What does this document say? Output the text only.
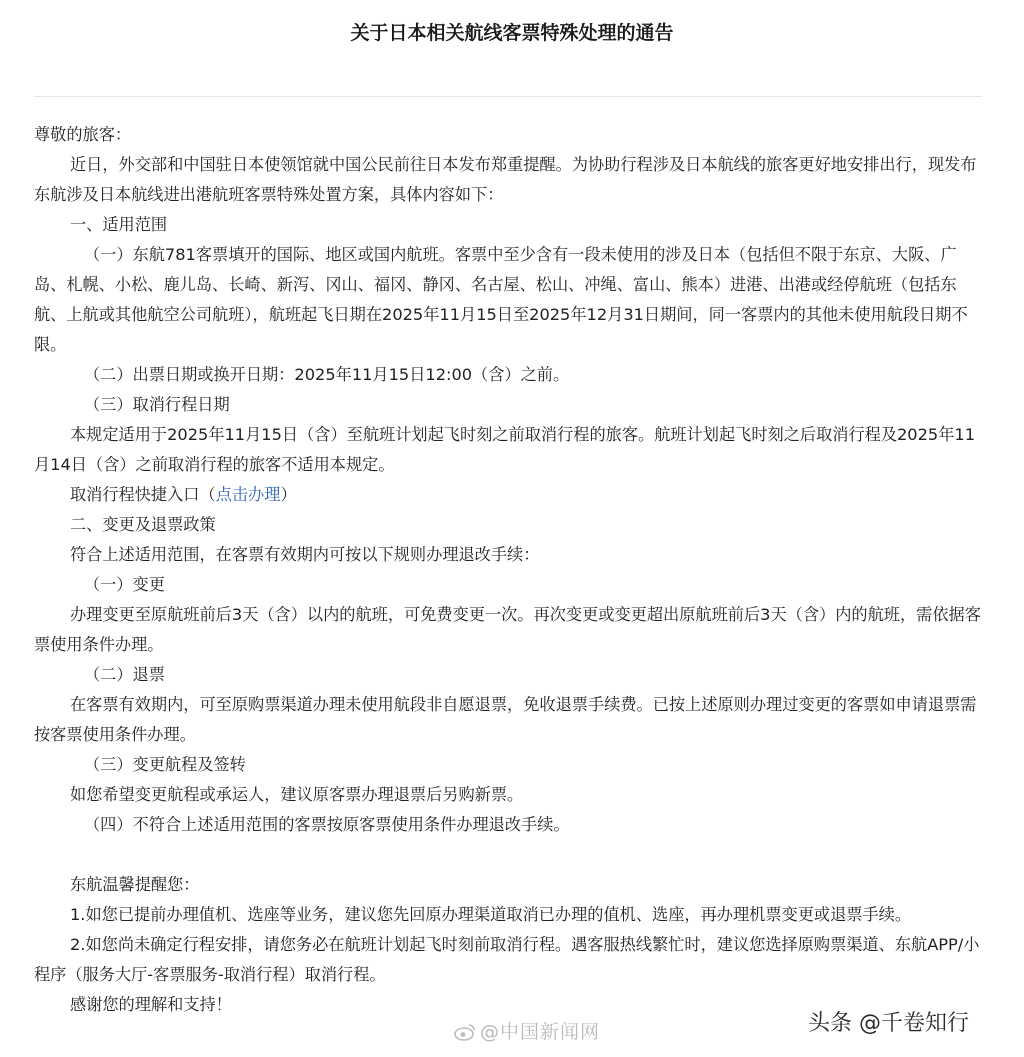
关于日本相关航线客票特殊处理的通告

尊敬的旅客：

近日，外交部和中国驻日本使领馆就中国公民前往日本发布郑重提醒。为协助行程涉及日本航线的旅客更好地安排出行，现发布东航涉及日本航线进出港航班客票特殊处置方案，具体内容如下：

一、适用范围

（一）东航781客票填开的国际、地区或国内航班。客票中至少含有一段未使用的涉及日本（包括但不限于东京、大阪、广岛、札幌、小松、鹿儿岛、长崎、新泻、冈山、福冈、静冈、名古屋、松山、冲绳、富山、熊本）进港、出港或经停航班（包括东航、上航或其他航空公司航班），航班起飞日期在2025年11月15日至2025年12月31日期间，同一客票内的其他未使用航段日期不限。

（二）出票日期或换开日期：2025年11月15日12:00（含）之前。

（三）取消行程日期

本规定适用于2025年11月15日（含）至航班计划起飞时刻之前取消行程的旅客。航班计划起飞时刻之后取消行程及2025年11月14日（含）之前取消行程的旅客不适用本规定。

取消行程快捷入口（点击办理）

二、变更及退票政策

符合上述适用范围，在客票有效期内可按以下规则办理退改手续：

（一）变更

办理变更至原航班前后3天（含）以内的航班，可免费变更一次。再次变更或变更超出原航班前后3天（含）内的航班，需依据客票使用条件办理。

（二）退票

在客票有效期内，可至原购票渠道办理未使用航段非自愿退票，免收退票手续费。已按上述原则办理过变更的客票如申请退票需按客票使用条件办理。

（三）变更航程及签转

如您希望变更航程或承运人，建议原客票办理退票后另购新票。

（四）不符合上述适用范围的客票按原客票使用条件办理退改手续。

东航温馨提醒您：

1.如您已提前办理值机、选座等业务，建议您先回原办理渠道取消已办理的值机、选座，再办理机票变更或退票手续。

2.如您尚未确定行程安排，请您务必在航班计划起飞时刻前取消行程。遇客服热线繁忙时，建议您选择原购票渠道、东航APP/小程序（服务大厅-客票服务-取消行程）取消行程。

感谢您的理解和支持！

@中国新闻网	头条 @千卷知行
